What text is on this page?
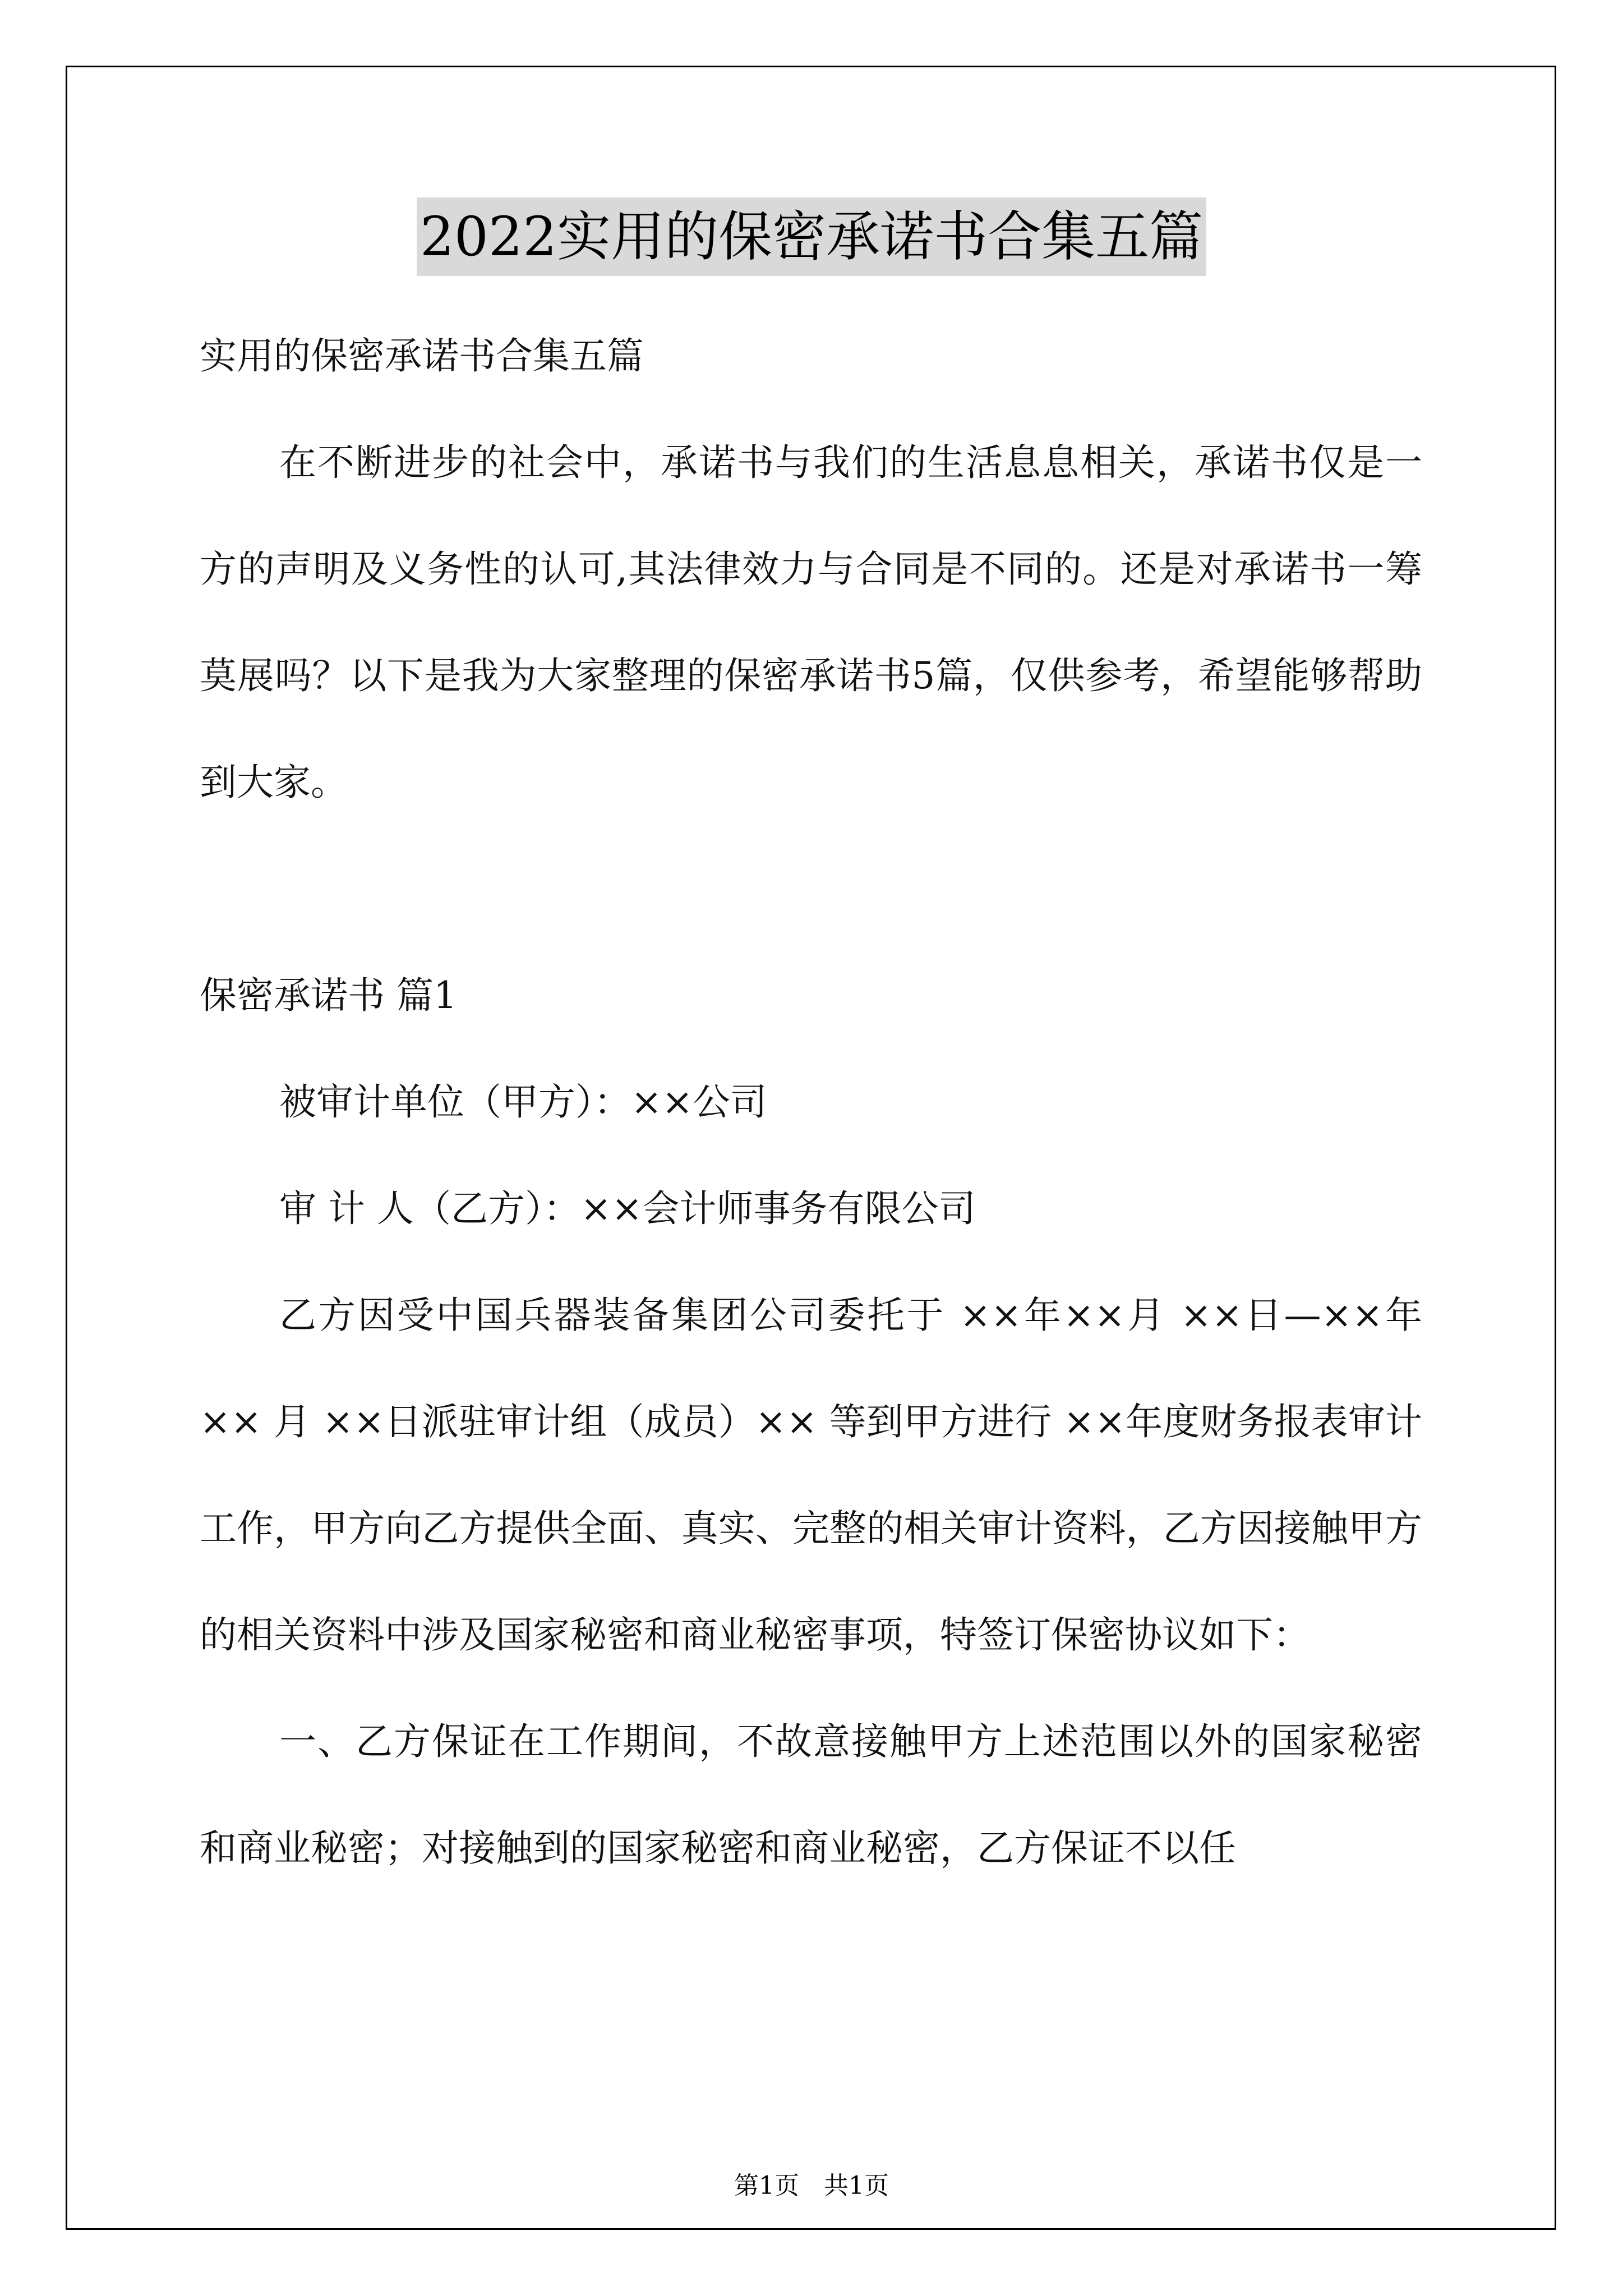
2022实用的保密承诺书合集五篇

实用的保密承诺书合集五篇

在不断进步的社会中，承诺书与我们的生活息息相关，承诺书仅是一方的声明及义务性的认可,其法律效力与合同是不同的。还是对承诺书一筹莫展吗？以下是我为大家整理的保密承诺书5篇，仅供参考，希望能够帮助到大家。

保密承诺书 篇1

被审计单位（甲方）：××公司

审 计 人（乙方）：××会计师事务有限公司

乙方因受中国兵器装备集团公司委托于 ××年××月 ××日—××年 ×× 月 ××日派驻审计组（成员）×× 等到甲方进行 ××年度财务报表审计工作，甲方向乙方提供全面、真实、完整的相关审计资料，乙方因接触甲方的相关资料中涉及国家秘密和商业秘密事项，特签订保密协议如下：

一、乙方保证在工作期间，不故意接触甲方上述范围以外的国家秘密和商业秘密；对接触到的国家秘密和商业秘密，乙方保证不以任

第1页　共1页
